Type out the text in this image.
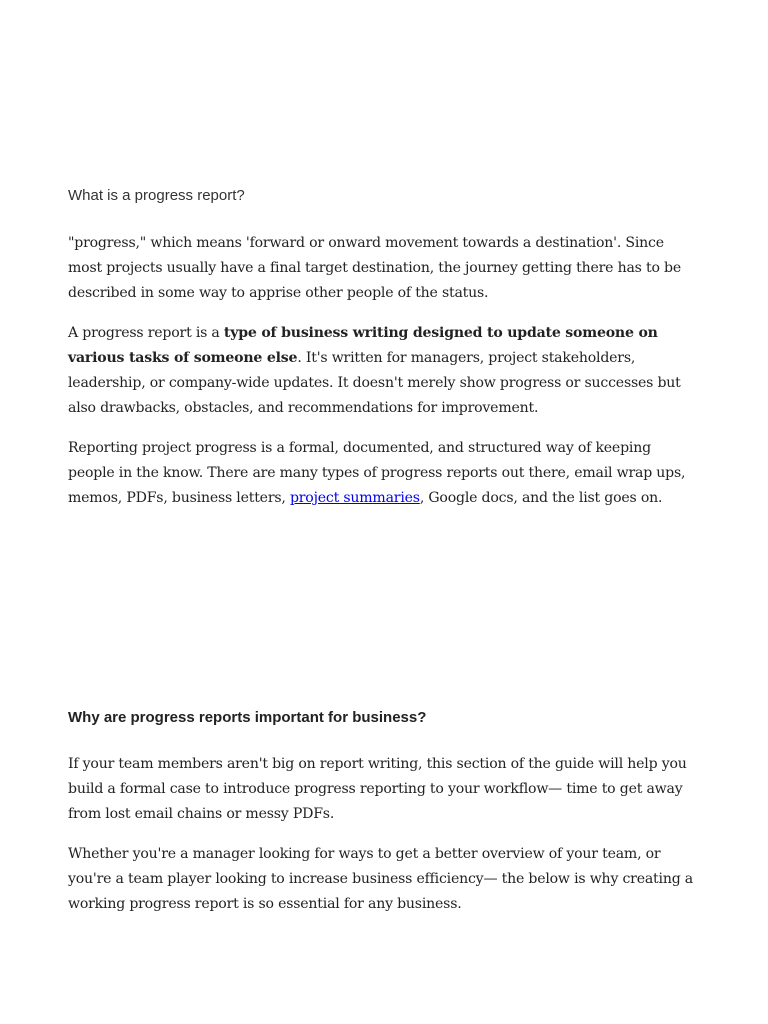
What is a progress report?

"progress," which means 'forward or onward movement towards a destination'. Since most projects usually have a final target destination, the journey getting there has to be described in some way to apprise other people of the status.

A progress report is a type of business writing designed to update someone on various tasks of someone else. It's written for managers, project stakeholders, leadership, or company-wide updates. It doesn't merely show progress or successes but also drawbacks, obstacles, and recommendations for improvement.

Reporting project progress is a formal, documented, and structured way of keeping people in the know. There are many types of progress reports out there, email wrap ups, memos, PDFs, business letters, project summaries, Google docs, and the list goes on.

Why are progress reports important for business?

If your team members aren't big on report writing, this section of the guide will help you build a formal case to introduce progress reporting to your workflow— time to get away from lost email chains or messy PDFs.

Whether you're a manager looking for ways to get a better overview of your team, or you're a team player looking to increase business efficiency— the below is why creating a working progress report is so essential for any business.
